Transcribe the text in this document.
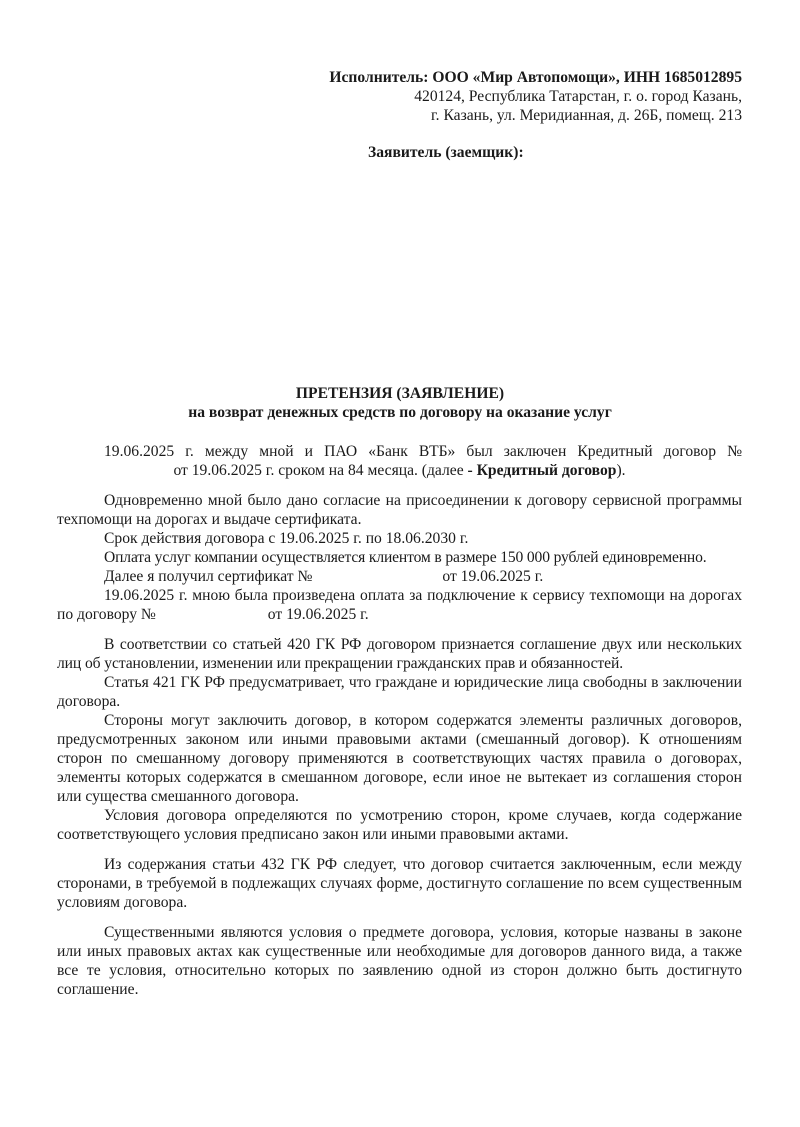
Исполнитель: ООО «Мир Автопомощи», ИНН 1685012895
420124, Республика Татарстан, г. о. город Казань,
г. Казань, ул. Меридианная, д. 26Б, помещ. 213
Заявитель (заемщик):
ПРЕТЕНЗИЯ (ЗАЯВЛЕНИЕ)
на возврат денежных средств по договору на оказание услуг

19.06.2025 г. между мной и ПАО «Банк ВТБ» был заключен Кредитный договор №

от 19.06.2025 г. сроком на 84 месяца. (далее - Кредитный договор).

Одновременно мной было дано согласие на присоединении к договору сервисной программы техпомощи на дорогах и выдаче сертификата.

Срок действия договора с 19.06.2025 г. по 18.06.2030 г.

Оплата услуг компании осуществляется клиентом в размере 150 000 рублей единовременно.

Далее я получил сертификат №	от 19.06.2025 г.

19.06.2025 г. мною была произведена оплата за подключение к сервису техпомощи на дорогах по договору №	от 19.06.2025 г.

В соответствии со статьей 420 ГК РФ договором признается соглашение двух или нескольких лиц об установлении, изменении или прекращении гражданских прав и обязанностей.

Статья 421 ГК РФ предусматривает, что граждане и юридические лица свободны в заключении договора.

Стороны могут заключить договор, в котором содержатся элементы различных договоров, предусмотренных законом или иными правовыми актами (смешанный договор). К отношениям сторон по смешанному договору применяются в соответствующих частях правила о договорах, элементы которых содержатся в смешанном договоре, если иное не вытекает из соглашения сторон или существа смешанного договора.

Условия договора определяются по усмотрению сторон, кроме случаев, когда содержание соответствующего условия предписано закон или иными правовыми актами.

Из содержания статьи 432 ГК РФ следует, что договор считается заключенным, если между сторонами, в требуемой в подлежащих случаях форме, достигнуто соглашение по всем существенным условиям договора.

Существенными являются условия о предмете договора, условия, которые названы в законе или иных правовых актах как существенные или необходимые для договоров данного вида, а также все те условия, относительно которых по заявлению одной из сторон должно быть достигнуто соглашение.
